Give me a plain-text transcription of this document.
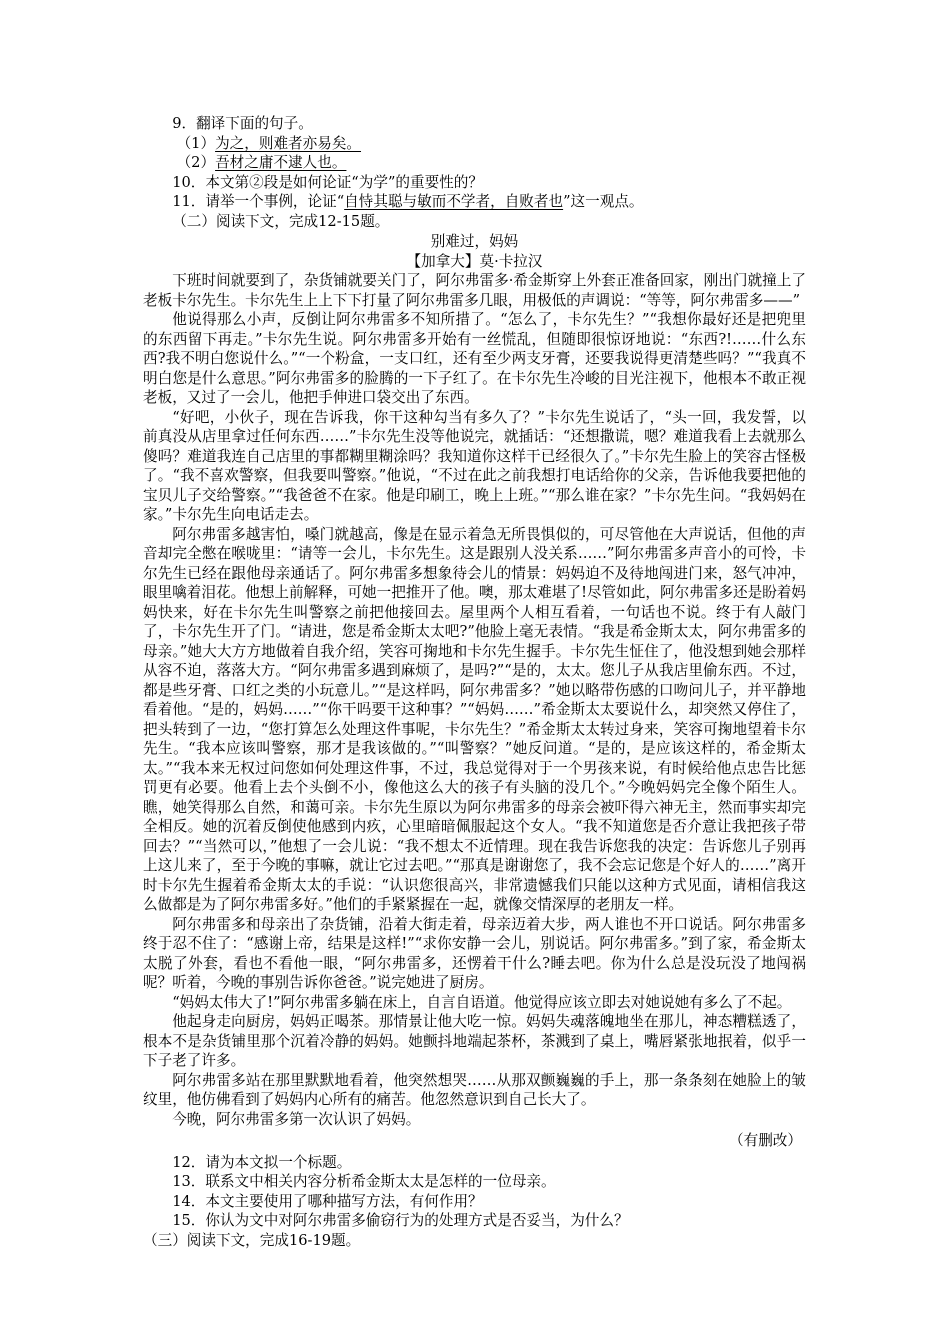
9．翻译下面的句子。

（1）为之，则难者亦易矣。

（2）吾材之庸不逮人也。

10．本文第②段是如何论证“为学”的重要性的？

11．请举一个事例，论证“自恃其聪与敏而不学者，自败者也”这一观点。

（二）阅读下文，完成12-15题。

别难过，妈妈

【加拿大】莫·卡拉汉

下班时间就要到了，杂货铺就要关门了，阿尔弗雷多·希金斯穿上外套正准备回家，刚出门就撞上了老板卡尔先生。卡尔先生上上下下打量了阿尔弗雷多几眼，用极低的声调说：“等等，阿尔弗雷多——”

他说得那么小声，反倒让阿尔弗雷多不知所措了。“怎么了，卡尔先生？”“我想你最好还是把兜里的东西留下再走。”卡尔先生说。阿尔弗雷多开始有一丝慌乱，但随即很惊讶地说：“东西?!……什么东西?我不明白您说什么。”“一个粉盒，一支口红，还有至少两支牙膏，还要我说得更清楚些吗？”“我真不明白您是什么意思。”阿尔弗雷多的脸腾的一下子红了。在卡尔先生冷峻的目光注视下，他根本不敢正视老板，又过了一会儿，他把手伸进口袋交出了东西。

“好吧，小伙子，现在告诉我，你干这种勾当有多久了？”卡尔先生说话了，“头一回，我发誓，以前真没从店里拿过任何东西……”卡尔先生没等他说完，就插话：“还想撒谎，嗯？难道我看上去就那么傻吗？难道我连自己店里的事都糊里糊涂吗？我知道你这样干已经很久了。”卡尔先生脸上的笑容古怪极了。“我不喜欢警察，但我要叫警察。”他说，“不过在此之前我想打电话给你的父亲，告诉他我要把他的宝贝儿子交给警察。”“我爸爸不在家。他是印刷工，晚上上班。”“那么谁在家？”卡尔先生问。“我妈妈在家。”卡尔先生向电话走去。

阿尔弗雷多越害怕，嗓门就越高，像是在显示着急无所畏惧似的，可尽管他在大声说话，但他的声音却完全憋在喉咙里：“请等一会儿，卡尔先生。这是跟别人没关系……”阿尔弗雷多声音小的可怜，卡尔先生已经在跟他母亲通话了。阿尔弗雷多想象待会儿的情景：妈妈迫不及待地闯进门来，怒气冲冲，眼里噙着泪花。他想上前解释，可她一把推开了他。噢，那太难堪了!尽管如此，阿尔弗雷多还是盼着妈妈快来，好在卡尔先生叫警察之前把他接回去。屋里两个人相互看着，一句话也不说。终于有人敲门了，卡尔先生开了门。“请进，您是希金斯太太吧?”他脸上毫无表情。“我是希金斯太太，阿尔弗雷多的母亲。”她大大方方地做着自我介绍，笑容可掬地和卡尔先生握手。卡尔先生怔住了，他没想到她会那样从容不迫，落落大方。“阿尔弗雷多遇到麻烦了，是吗?”“是的，太太。您儿子从我店里偷东西。不过，都是些牙膏、口红之类的小玩意儿。”“是这样吗，阿尔弗雷多？”她以略带伤感的口吻问儿子，并平静地看着他。“是的，妈妈……”“你干吗要干这种事？”“妈妈……”希金斯太太要说什么，却突然又停住了，把头转到了一边，“您打算怎么处理这件事呢，卡尔先生？”希金斯太太转过身来，笑容可掬地望着卡尔先生。“我本应该叫警察，那才是我该做的。”“叫警察？”她反问道。“是的，是应该这样的，希金斯太太。”“我本来无权过问您如何处理这件事，不过，我总觉得对于一个男孩来说，有时候给他点忠告比惩罚更有必要。他看上去个头倒不小，像他这么大的孩子有头脑的没几个。”今晚妈妈完全像个陌生人。瞧，她笑得那么自然，和蔼可亲。卡尔先生原以为阿尔弗雷多的母亲会被吓得六神无主，然而事实却完全相反。她的沉着反倒使他感到内疚，心里暗暗佩服起这个女人。“我不知道您是否介意让我把孩子带回去？”“当然可以，”他想了一会儿说：“我不想太不近情理。现在我告诉您我的决定：告诉您儿子别再上这儿来了，至于今晚的事嘛，就让它过去吧。”“那真是谢谢您了，我不会忘记您是个好人的……”离开时卡尔先生握着希金斯太太的手说：“认识您很高兴，非常遗憾我们只能以这种方式见面，请相信我这么做都是为了阿尔弗雷多好。”他们的手紧紧握在一起，就像交情深厚的老朋友一样。

阿尔弗雷多和母亲出了杂货铺，沿着大街走着，母亲迈着大步，两人谁也不开口说话。阿尔弗雷多终于忍不住了：“感谢上帝，结果是这样!”“求你安静一会儿，别说话。阿尔弗雷多。”到了家，希金斯太太脱了外套，看也不看他一眼，“阿尔弗雷多，还愣着干什么?睡去吧。你为什么总是没玩没了地闯祸呢？听着，今晚的事别告诉你爸爸。”说完她进了厨房。

“妈妈太伟大了!”阿尔弗雷多躺在床上，自言自语道。他觉得应该立即去对她说她有多么了不起。

他起身走向厨房，妈妈正喝茶。那情景让他大吃一惊。妈妈失魂落魄地坐在那儿，神态糟糕透了，根本不是杂货铺里那个沉着冷静的妈妈。她颤抖地端起茶杯，茶溅到了桌上，嘴唇紧张地抿着，似乎一下子老了许多。

阿尔弗雷多站在那里默默地看着，他突然想哭……从那双颤巍巍的手上，那一条条刻在她脸上的皱纹里，他仿佛看到了妈妈内心所有的痛苦。他忽然意识到自己长大了。

今晚，阿尔弗雷多第一次认识了妈妈。

（有删改）

12．请为本文拟一个标题。

13．联系文中相关内容分析希金斯太太是怎样的一位母亲。

14．本文主要使用了哪种描写方法，有何作用？

15．你认为文中对阿尔弗雷多偷窃行为的处理方式是否妥当，为什么？

（三）阅读下文，完成16-19题。
